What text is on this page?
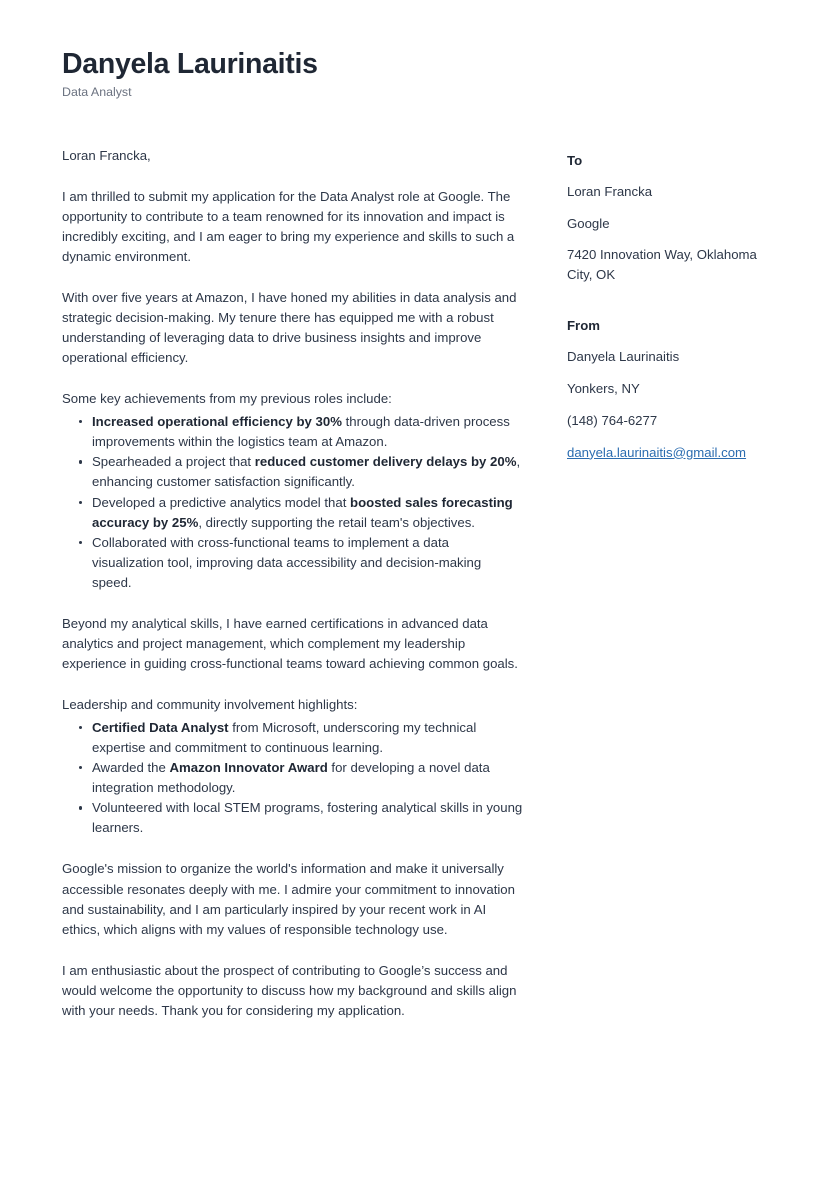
Danyela Laurinaitis
Data Analyst

Loran Francka,

I am thrilled to submit my application for the Data Analyst role at Google. The opportunity to contribute to a team renowned for its innovation and impact is incredibly exciting, and I am eager to bring my experience and skills to such a dynamic environment.

With over five years at Amazon, I have honed my abilities in data analysis and strategic decision-making. My tenure there has equipped me with a robust understanding of leveraging data to drive business insights and improve operational efficiency.

Some key achievements from my previous roles include:

Increased operational efficiency by 30% through data-driven process improvements within the logistics team at Amazon.
Spearheaded a project that reduced customer delivery delays by 20%, enhancing customer satisfaction significantly.
Developed a predictive analytics model that boosted sales forecasting accuracy by 25%, directly supporting the retail team's objectives.
Collaborated with cross-functional teams to implement a data visualization tool, improving data accessibility and decision-making speed.

Beyond my analytical skills, I have earned certifications in advanced data analytics and project management, which complement my leadership experience in guiding cross-functional teams toward achieving common goals.

Leadership and community involvement highlights:

Certified Data Analyst from Microsoft, underscoring my technical expertise and commitment to continuous learning.
Awarded the Amazon Innovator Award for developing a novel data integration methodology.
Volunteered with local STEM programs, fostering analytical skills in young learners.

Google's mission to organize the world's information and make it universally accessible resonates deeply with me. I admire your commitment to innovation and sustainability, and I am particularly inspired by your recent work in AI ethics, which aligns with my values of responsible technology use.

I am enthusiastic about the prospect of contributing to Google’s success and would welcome the opportunity to discuss how my background and skills align with your needs. Thank you for considering my application.

To
Loran Francka
Google
7420 Innovation Way, Oklahoma City, OK
From
Danyela Laurinaitis
Yonkers, NY
(148) 764-6277
danyela.laurinaitis@gmail.com
